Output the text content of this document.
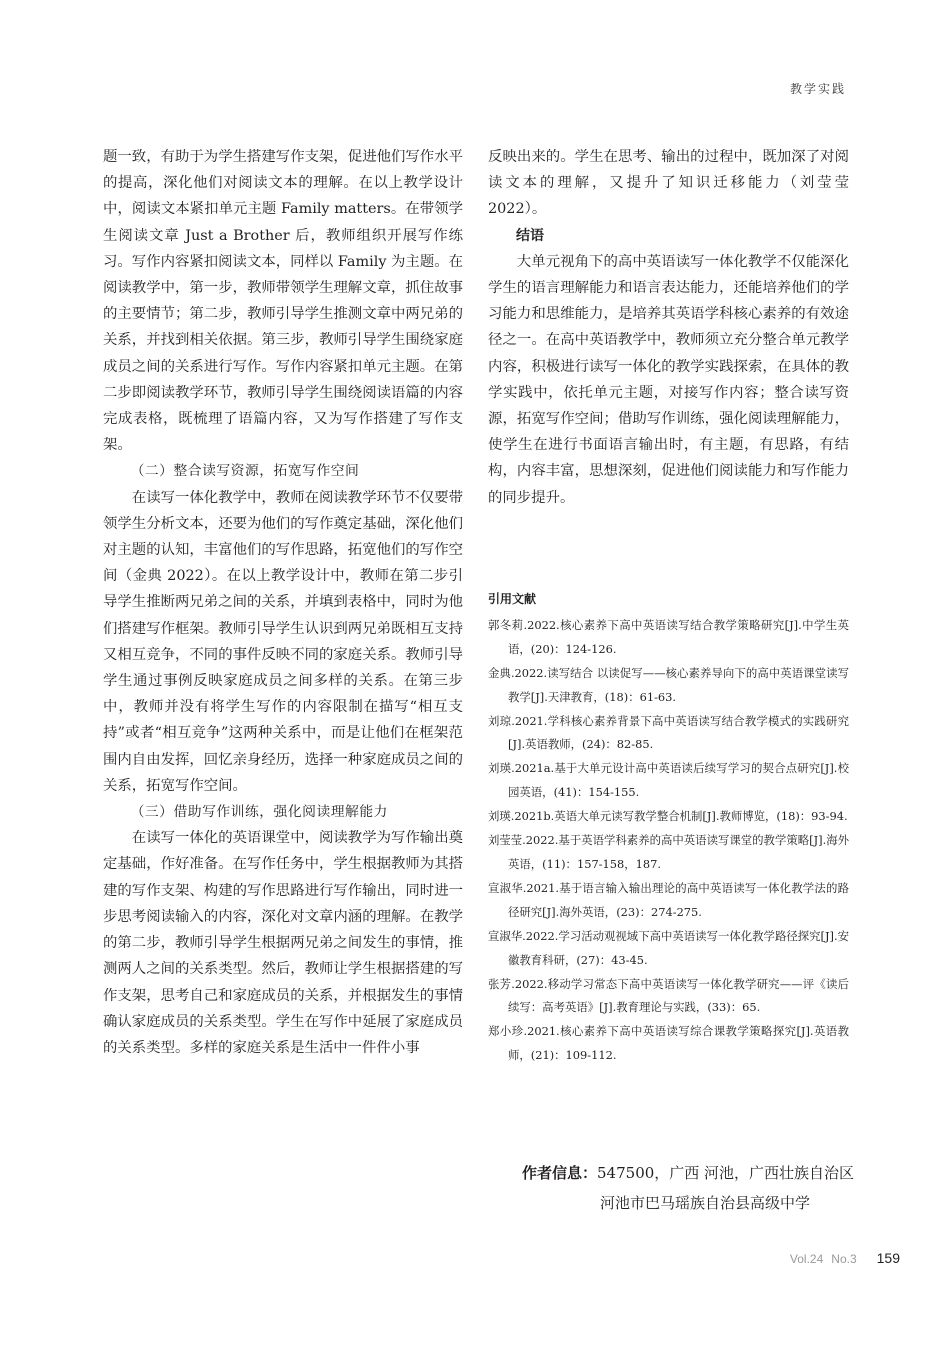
教学实践

题一致，有助于为学生搭建写作支架，促进他们写作水平的提高，深化他们对阅读文本的理解。在以上教学设计中，阅读文本紧扣单元主题 Family matters。在带领学生阅读文章 Just a Brother 后，教师组织开展写作练习。写作内容紧扣阅读文本，同样以 Family 为主题。在阅读教学中，第一步，教师带领学生理解文章，抓住故事的主要情节；第二步，教师引导学生推测文章中两兄弟的关系，并找到相关依据。第三步，教师引导学生围绕家庭成员之间的关系进行写作。写作内容紧扣单元主题。在第二步即阅读教学环节，教师引导学生围绕阅读语篇的内容完成表格，既梳理了语篇内容，又为写作搭建了写作支架。

（二）整合读写资源，拓宽写作空间

在读写一体化教学中，教师在阅读教学环节不仅要带领学生分析文本，还要为他们的写作奠定基础，深化他们对主题的认知，丰富他们的写作思路，拓宽他们的写作空间（金典 2022）。在以上教学设计中，教师在第二步引导学生推断两兄弟之间的关系，并填到表格中，同时为他们搭建写作框架。教师引导学生认识到两兄弟既相互支持又相互竞争，不同的事件反映不同的家庭关系。教师引导学生通过事例反映家庭成员之间多样的关系。在第三步中，教师并没有将学生写作的内容限制在描写“相互支持”或者“相互竞争”这两种关系中，而是让他们在框架范围内自由发挥，回忆亲身经历，选择一种家庭成员之间的关系，拓宽写作空间。

（三）借助写作训练，强化阅读理解能力

在读写一体化的英语课堂中，阅读教学为写作输出奠定基础，作好准备。在写作任务中，学生根据教师为其搭建的写作支架、构建的写作思路进行写作输出，同时进一步思考阅读输入的内容，深化对文章内涵的理解。在教学的第二步，教师引导学生根据两兄弟之间发生的事情，推测两人之间的关系类型。然后，教师让学生根据搭建的写作支架，思考自己和家庭成员的关系，并根据发生的事情确认家庭成员的关系类型。学生在写作中延展了家庭成员的关系类型。多样的家庭关系是生活中一件件小事

反映出来的。学生在思考、输出的过程中，既加深了对阅读文本的理解，又提升了知识迁移能力（刘莹莹 2022）。

结语

大单元视角下的高中英语读写一体化教学不仅能深化学生的语言理解能力和语言表达能力，还能培养他们的学习能力和思维能力，是培养其英语学科核心素养的有效途径之一。在高中英语教学中，教师须立充分整合单元教学内容，积极进行读写一体化的教学实践探索，在具体的教学实践中，依托单元主题，对接写作内容；整合读写资源，拓宽写作空间；借助写作训练，强化阅读理解能力，使学生在进行书面语言输出时，有主题，有思路，有结构，内容丰富，思想深刻，促进他们阅读能力和写作能力的同步提升。

引用文献

郭冬莉.2022.核心素养下高中英语读写结合教学策略研究[J].中学生英语，(20)：124-126.

金典.2022.读写结合 以读促写——核心素养导向下的高中英语课堂读写教学[J].天津教育，(18)：61-63.

刘琼.2021.学科核心素养背景下高中英语读写结合教学模式的实践研究[J].英语教师，(24)：82-85.

刘瑛.2021a.基于大单元设计高中英语读后续写学习的契合点研究[J].校园英语，(41)：154-155.

刘瑛.2021b.英语大单元读写教学整合机制[J].教师博览，(18)：93-94.

刘莹莹.2022.基于英语学科素养的高中英语读写课堂的教学策略[J].海外英语，(11)：157-158，187.

宣淑华.2021.基于语言输入输出理论的高中英语读写一体化教学法的路径研究[J].海外英语，(23)：274-275.

宣淑华.2022.学习活动观视域下高中英语读写一体化教学路径探究[J].安徽教育科研，(27)：43-45.

张芳.2022.移动学习常态下高中英语读写一体化教学研究——评《读后续写：高考英语》[J].教育理论与实践，(33)：65.

郑小珍.2021.核心素养下高中英语读写综合课教学策略探究[J].英语教师，(21)：109-112.

作者信息：547500，广西 河池，广西壮族自治区
河池市巴马瑶族自治县高级中学
Vol.24 No.3 159
